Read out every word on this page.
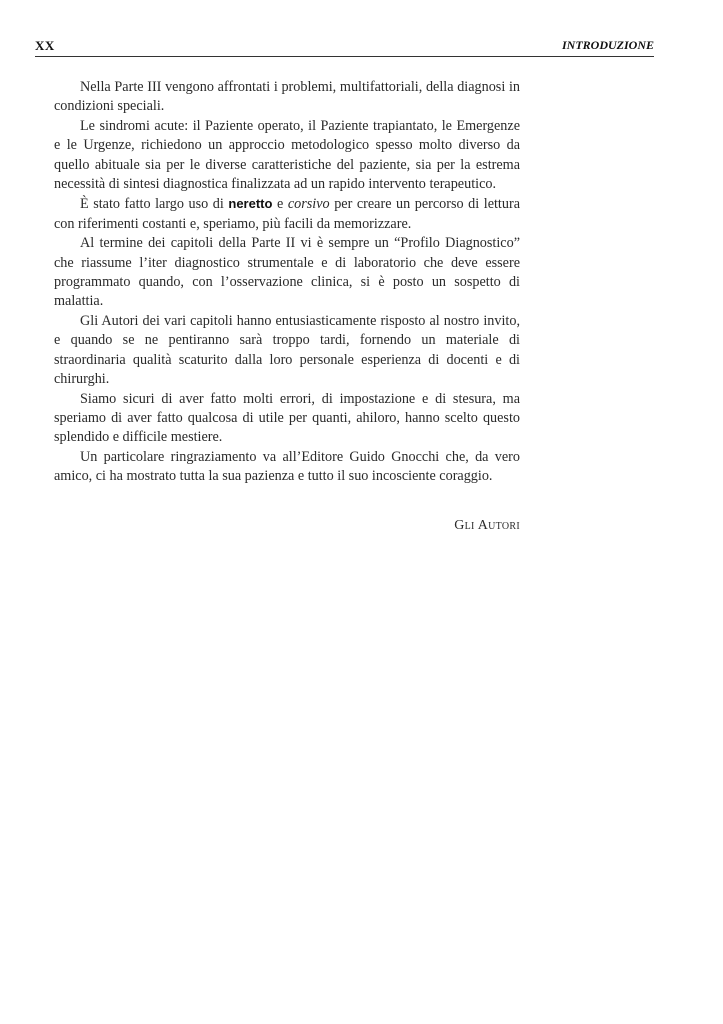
XX	INTRODUZIONE

Nella Parte III vengono affrontati i problemi, multifattoriali, della diagnosi in condizioni speciali.

Le sindromi acute: il Paziente operato, il Paziente trapiantato, le Emergenze e le Urgenze, richiedono un approccio metodologico spesso molto diverso da quello abituale sia per le diverse caratteristiche del paziente, sia per la estrema necessità di sintesi diagnostica finalizzata ad un rapido intervento terapeutico.

È stato fatto largo uso di neretto e corsivo per creare un percorso di lettura con riferimenti costanti e, speriamo, più facili da memorizzare.

Al termine dei capitoli della Parte II vi è sempre un “Profilo Diagnostico” che riassume l’iter diagnostico strumentale e di laboratorio che deve essere programmato quando, con l’osservazione clinica, si è posto un sospetto di malattia.

Gli Autori dei vari capitoli hanno entusiasticamente risposto al nostro invito, e quando se ne pentiranno sarà troppo tardi, fornendo un materiale di straordinaria qualità scaturito dalla loro personale esperienza di docenti e di chirurghi.

Siamo sicuri di aver fatto molti errori, di impostazione e di stesura, ma speriamo di aver fatto qualcosa di utile per quanti, ahiloro, hanno scelto questo splendido e difficile mestiere.

Un particolare ringraziamento va all’Editore Guido Gnocchi che, da vero amico, ci ha mostrato tutta la sua pazienza e tutto il suo incosciente coraggio.

Gli Autori
